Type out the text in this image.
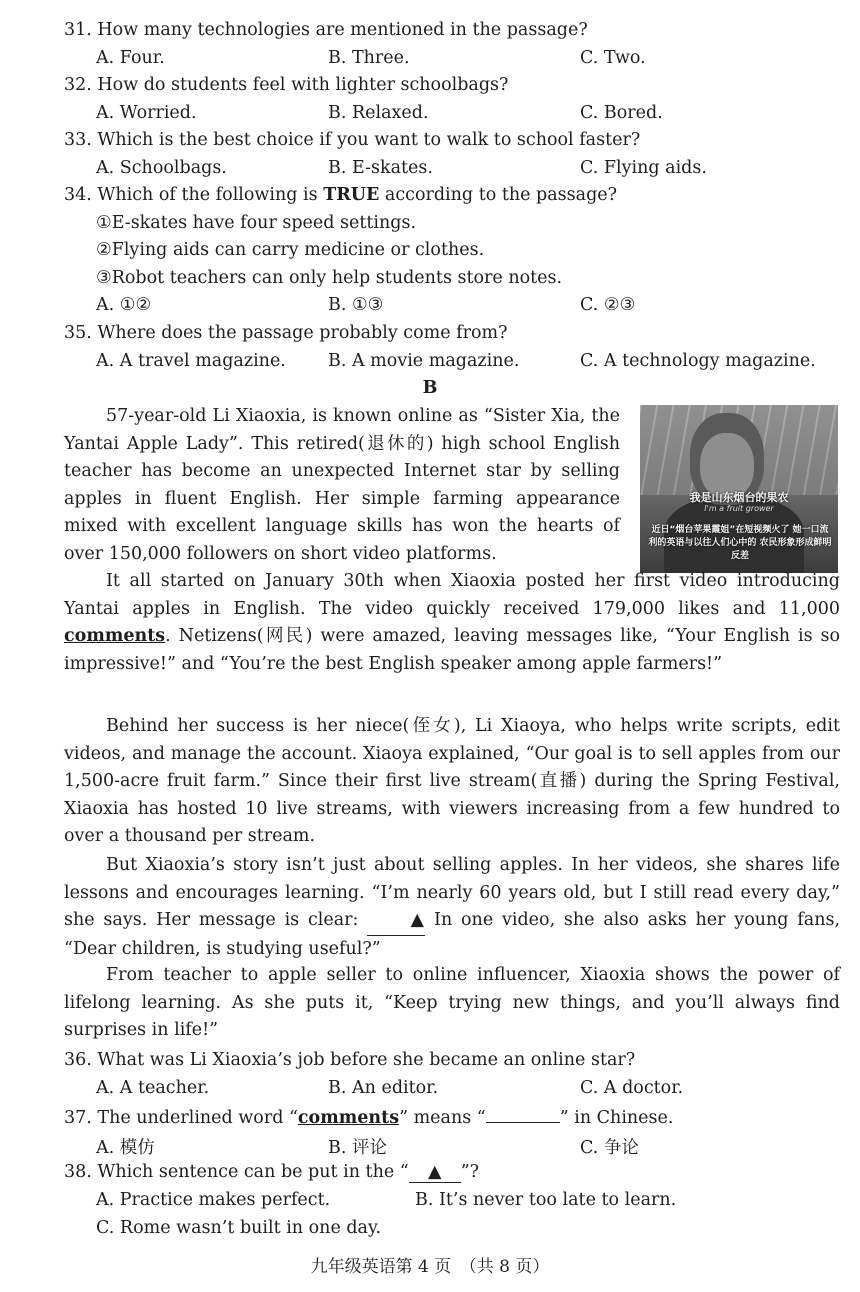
31. How many technologies are mentioned in the passage?
A. Four.	B. Three.	C. Two.
32. How do students feel with lighter schoolbags?
A. Worried.	B. Relaxed.	C. Bored.
33. Which is the best choice if you want to walk to school faster?
A. Schoolbags.	B. E-skates.	C. Flying aids.
34. Which of the following is TRUE according to the passage?
①E-skates have four speed settings.
②Flying aids can carry medicine or clothes.
③Robot teachers can only help students store notes.
A. ①②	B. ①③	C. ②③
35. Where does the passage probably come from?
A. A travel magazine. B. A movie magazine.	C. A technology magazine.
B
我是山东烟台的果农
I'm a fruit grower
近日“烟台苹果霞姐”在短视频火了 她一口流利的英语与以往人们心中的 农民形象形成鲜明反差

57-year-old Li Xiaoxia, is known online as “Sister Xia, the Yantai Apple Lady”. This retired(退休的) high school English teacher has become an unexpected Internet star by selling apples in fluent English. Her simple farming appearance mixed with excellent language skills has won the hearts of over 150,000 followers on short video platforms.

It all started on January 30th when Xiaoxia posted her first video introducing Yantai apples in English. The video quickly received 179,000 likes and 11,000 comments. Netizens(网民) were amazed, leaving messages like, “Your English is so impressive!” and “You’re the best English speaker among apple farmers!”

Behind her success is her niece(侄女), Li Xiaoya, who helps write scripts, edit videos, and manage the account. Xiaoya explained, “Our goal is to sell apples from our 1,500-acre fruit farm.” Since their first live stream(直播) during the Spring Festival, Xiaoxia has hosted 10 live streams, with viewers increasing from a few hundred to over a thousand per stream.

But Xiaoxia’s story isn’t just about selling apples. In her videos, she shares life lessons and encourages learning. “I’m nearly 60 years old, but I still read every day,” she says. Her message is clear: ▲ In one video, she also asks her young fans, “Dear children, is studying useful?”

From teacher to apple seller to online influencer, Xiaoxia shows the power of lifelong learning. As she puts it, “Keep trying new things, and you’ll always find surprises in life!”

36. What was Li Xiaoxia’s job before she became an online star?
A. A teacher.	B. An editor.	C. A doctor.
37. The underlined word “comments” means “	” in Chinese.
A. 模仿	B. 评论	C. 争论
38. Which sentence can be put in the “ ▲ ”?
A. Practice makes perfect.	B. It’s never too late to learn.
C. Rome wasn’t built in one day.
九年级英语第 4 页　（共 8 页）
